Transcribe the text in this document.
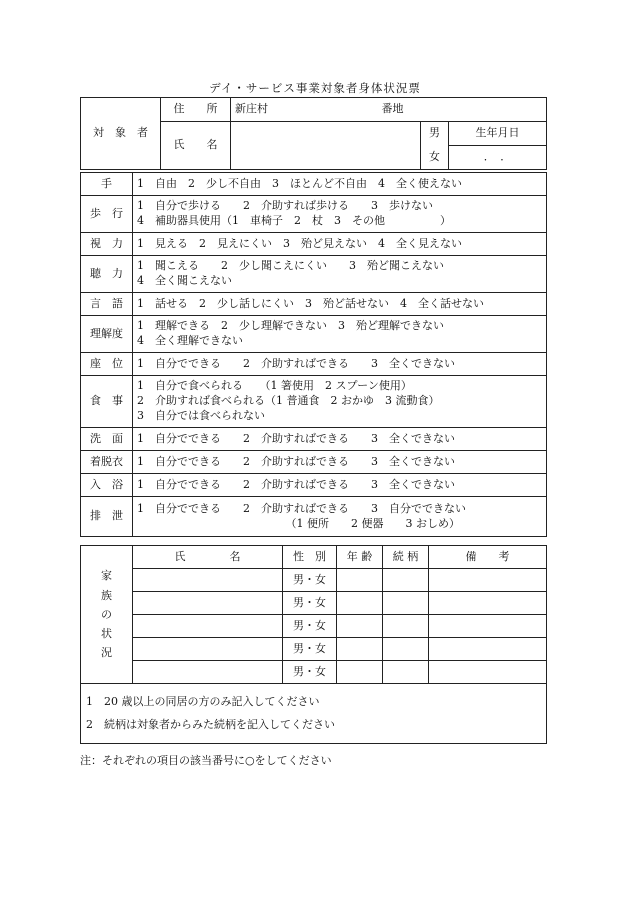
デイ・サービス事業対象者身体状況票
対　象　者	住　　所	新庄村 番地		
	氏　　名		男	生年月日
			女	．　．
手	1　自由　2　少し不自由　3　ほとんど不自由　4　全く使えない

歩　行	1　自分で歩ける　　2　介助すれば歩ける　　3　歩けない
4　補助器具使用（1　車椅子　2　杖　3　その他　　　　　）

視　力	1　見える　2　見えにくい　3　殆ど見えない　4　全く見えない

聴　力	1　聞こえる　　2　少し聞こえにくい　　3　殆ど聞こえない
4　全く聞こえない

言　語	1　話せる　2　少し話しにくい　3　殆ど話せない　4　全く話せない

理解度	1　理解できる　2　少し理解できない　3　殆ど理解できない
4　全く理解できない

座　位	1　自分でできる　　2　介助すればできる　　3　全くできない

食　事	1　自分で食べられる　　（1 箸使用　2 スプーン使用）
2　介助すれば食べられる（1 普通食　2 おかゆ　3 流動食）
3　自分では食べられない

洗　面	1　自分でできる　　2　介助すればできる　　3　全くできない

着脱衣	1　自分でできる　　2　介助すればできる　　3　全くできない

入　浴	1　自分でできる　　2　介助すればできる　　3　全くできない

排　泄	1　自分でできる　　2　介助すればできる　　3　自分でできない
　　　　　　　　　　　　　　（1 便所　　2 便器　　3 おしめ）
家
族
の
状
況	氏　　　　名	性　別	年 齢	続 柄	備　　考
		男・女			
		男・女			
		男・女			
		男・女			
		男・女			

1　20 歳以上の同居の方のみ記入してください
2　続柄は対象者からみた続柄を記入してください					
注：それぞれの項目の該当番号に○をしてください
